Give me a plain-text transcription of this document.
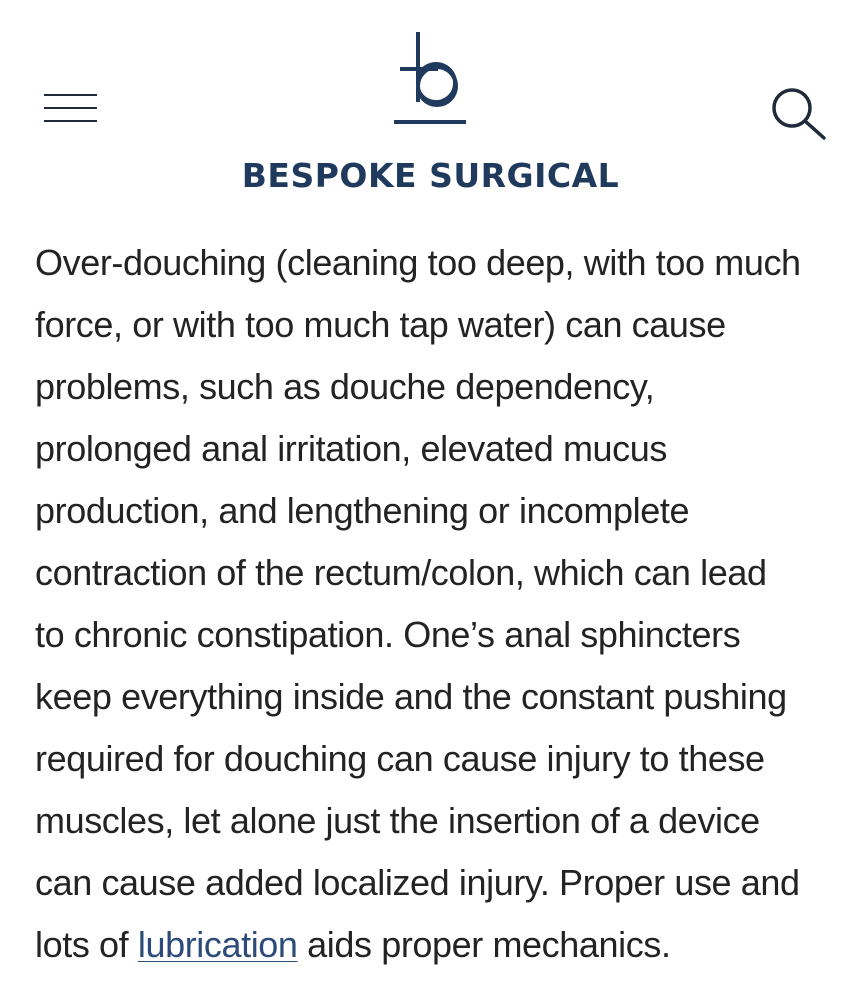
BESPOKE SURGICAL

Over-douching (cleaning too deep, with too much
force, or with too much tap water) can cause
problems, such as douche dependency,
prolonged anal irritation, elevated mucus
production, and lengthening or incomplete
contraction of the rectum/colon, which can lead
to chronic constipation. One’s anal sphincters
keep everything inside and the constant pushing
required for douching can cause injury to these
muscles, let alone just the insertion of a device
can cause added localized injury. Proper use and
lots of lubrication aids proper mechanics.
